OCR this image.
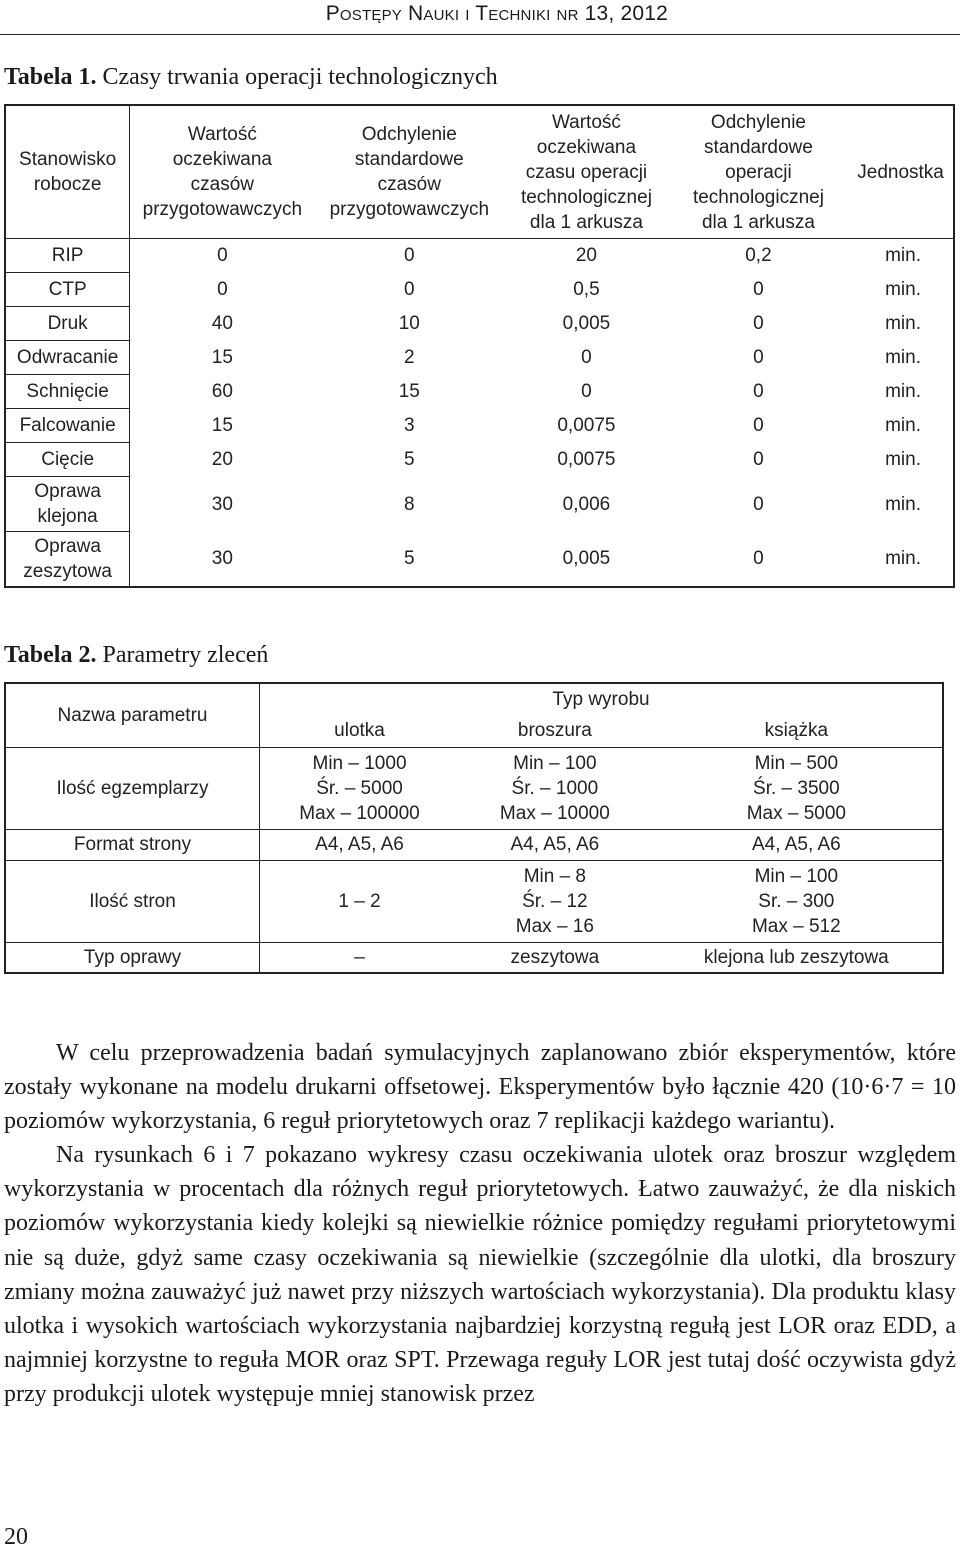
Postępy Nauki i Techniki nr 13, 2012
Tabela 1. Czasy trwania operacji technologicznych
Stanowisko
robocze	Wartość
oczekiwana
czasów
przygotowawczych	Odchylenie
standardowe
czasów
przygotowawczych	Wartość
oczekiwana
czasu operacji
technologicznej
dla 1 arkusza	Odchylenie
standardowe
operacji
technologicznej
dla 1 arkusza	Jednostka
RIP	0	0	20	0,2	min.
CTP	0	0	0,5	0	min.
Druk	40	10	0,005	0	min.
Odwracanie	15	2	0	0	min.
Schnięcie	60	15	0	0	min.
Falcowanie	15	3	0,0075	0	min.
Cięcie	20	5	0,0075	0	min.
Oprawa
klejona	30	8	0,006	0	min.
Oprawa
zeszytowa	30	5	0,005	0	min.
Tabela 2. Parametry zleceń
Nazwa parametru	Typ wyrobu		
	ulotka	broszura	książka
Ilość egzemplarzy	Min – 1000
Śr. – 5000
Max – 100000	Min – 100
Śr. – 1000
Max – 10000	Min – 500
Śr. – 3500
Max – 5000
Format strony	A4, A5, A6	A4, A5, A6	A4, A5, A6
Ilość stron	1 – 2	Min – 8
Śr. – 12
Max – 16	Min – 100
Sr. – 300
Max – 512
Typ oprawy	–	zeszytowa	klejona lub zeszytowa

W celu przeprowadzenia badań symulacyjnych zaplanowano zbiór eksperymentów, które zostały wykonane na modelu drukarni offsetowej. Eksperymentów było łącznie 420 (10·6·7 = 10 poziomów wykorzystania, 6 reguł priorytetowych oraz 7 replikacji każdego wariantu).

Na rysunkach 6 i 7 pokazano wykresy czasu oczekiwania ulotek oraz broszur względem wykorzystania w procentach dla różnych reguł priorytetowych. Łatwo zauważyć, że dla niskich poziomów wykorzystania kiedy kolejki są niewielkie różnice pomiędzy regułami priorytetowymi nie są duże, gdyż same czasy oczekiwania są niewielkie (szczególnie dla ulotki, dla broszury zmiany można zauważyć już nawet przy niższych wartościach wykorzystania). Dla produktu klasy ulotka i wysokich wartościach wykorzystania najbardziej korzystną regułą jest LOR oraz EDD, a najmniej korzystne to reguła MOR oraz SPT. Przewaga reguły LOR jest tutaj dość oczywista gdyż przy produkcji ulotek występuje mniej stanowisk przez

20
